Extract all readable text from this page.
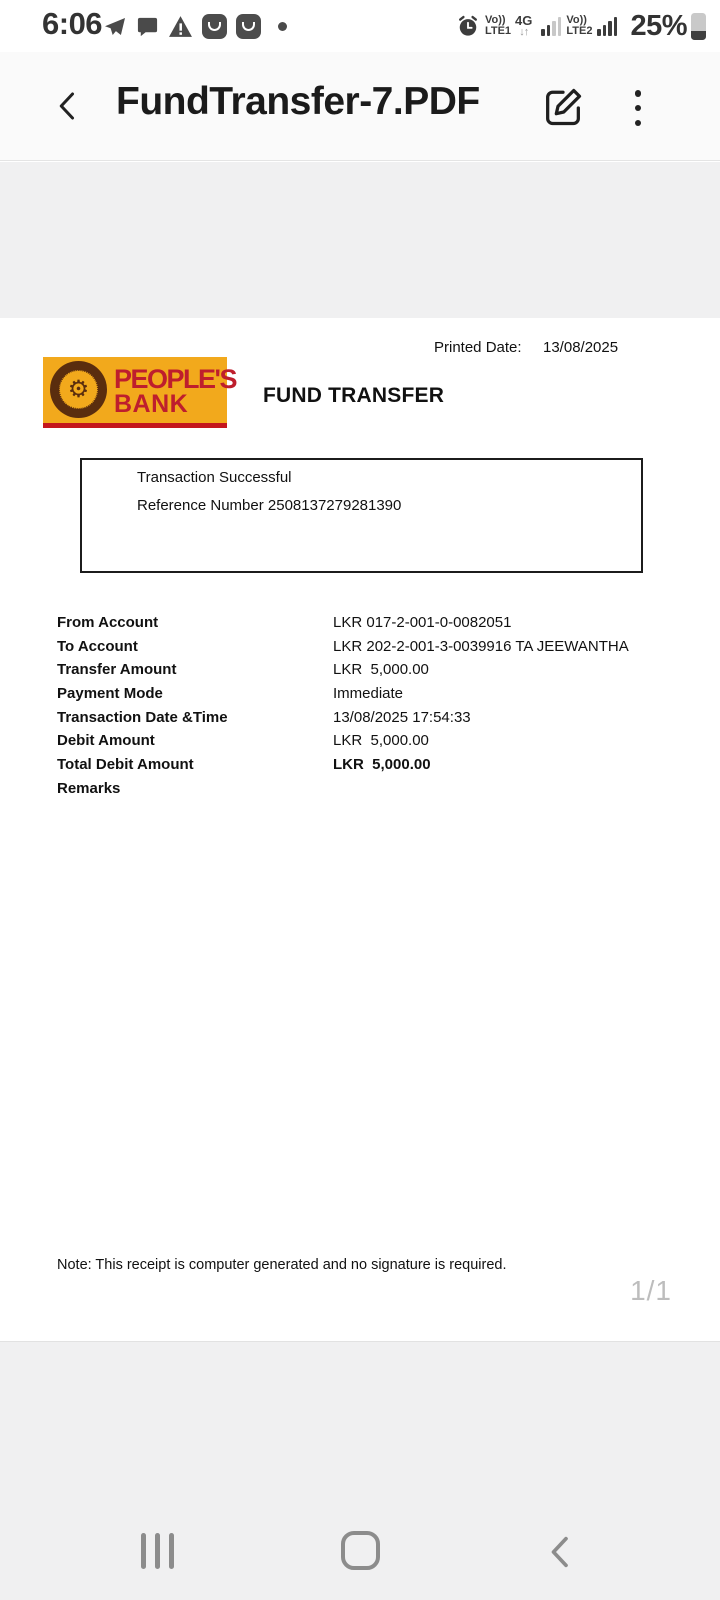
6:06	Vo))
LTE1
4G
↓↑
Vo))
LTE2 25%
FundTransfer-7.PDF
Printed Date: 13/08/2025
⚙ PEOPLE'S
BANK	FUND TRANSFER
Transaction Successful
Reference Number 2508137279281390
From Account	LKR 017-2-001-0-0082051
To Account	LKR 202-2-001-3-0039916 TA JEEWANTHA
Transfer Amount	LKR  5,000.00
Payment Mode	Immediate
Transaction Date &Time	13/08/2025 17:54:33
Debit Amount	LKR  5,000.00
Total Debit Amount	LKR  5,000.00
Remarks
Note: This receipt is computer generated and no signature is required.
1/1
